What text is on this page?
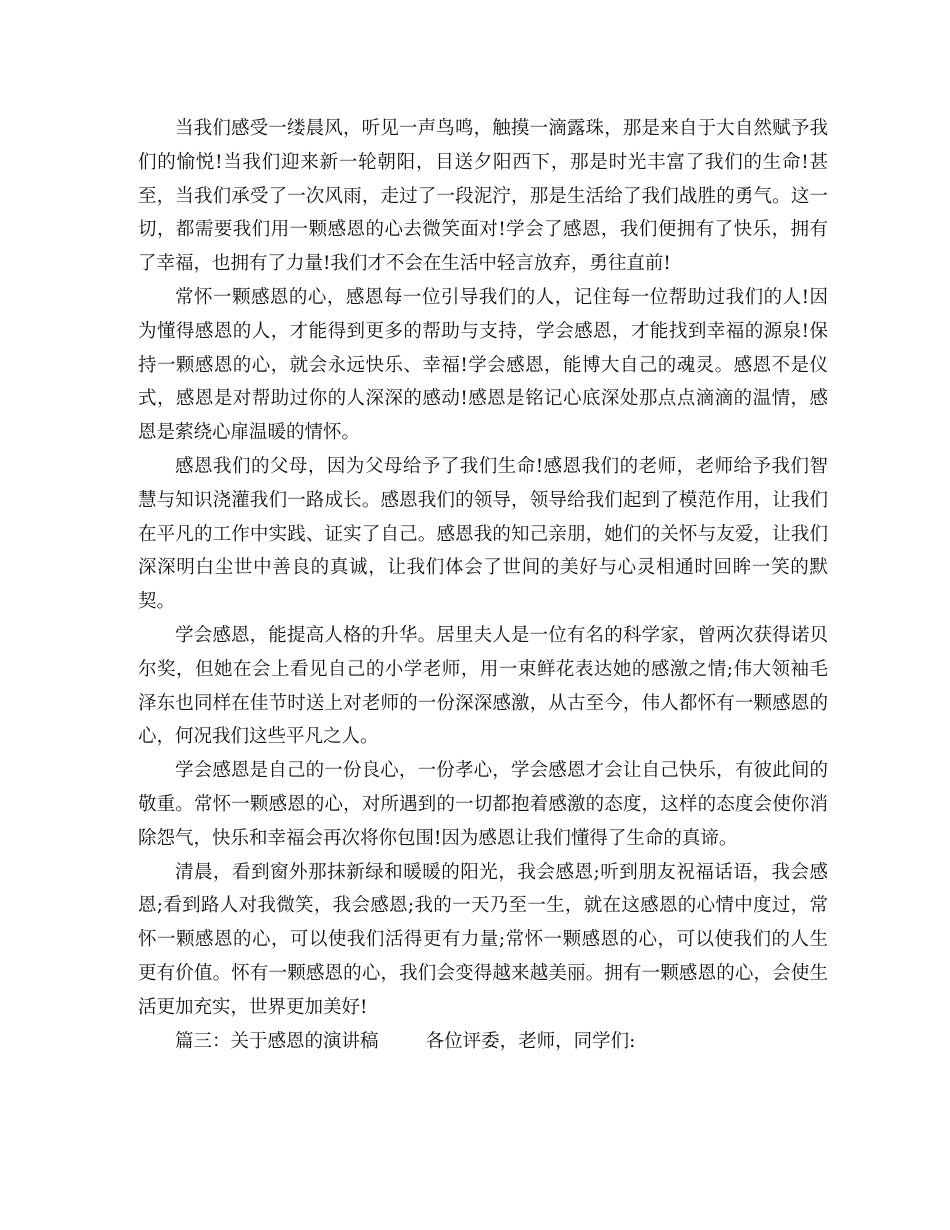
当我们感受一缕晨风，听见一声鸟鸣，触摸一滴露珠，那是来自于大自然赋予我们的愉悦!当我们迎来新一轮朝阳，目送夕阳西下，那是时光丰富了我们的生命!甚至，当我们承受了一次风雨，走过了一段泥泞，那是生活给了我们战胜的勇气。这一切，都需要我们用一颗感恩的心去微笑面对!学会了感恩，我们便拥有了快乐，拥有了幸福，也拥有了力量!我们才不会在生活中轻言放弃，勇往直前!

常怀一颗感恩的心，感恩每一位引导我们的人，记住每一位帮助过我们的人!因为懂得感恩的人，才能得到更多的帮助与支持，学会感恩，才能找到幸福的源泉!保持一颗感恩的心，就会永远快乐、幸福!学会感恩，能博大自己的魂灵。感恩不是仪式，感恩是对帮助过你的人深深的感动!感恩是铭记心底深处那点点滴滴的温情，感恩是萦绕心扉温暖的情怀。

感恩我们的父母，因为父母给予了我们生命!感恩我们的老师，老师给予我们智慧与知识浇灌我们一路成长。感恩我们的领导，领导给我们起到了模范作用，让我们在平凡的工作中实践、证实了自己。感恩我的知己亲朋，她们的关怀与友爱，让我们深深明白尘世中善良的真诚，让我们体会了世间的美好与心灵相通时回眸一笑的默契。

学会感恩，能提高人格的升华。居里夫人是一位有名的科学家，曾两次获得诺贝尔奖，但她在会上看见自己的小学老师，用一束鲜花表达她的感激之情;伟大领袖毛泽东也同样在佳节时送上对老师的一份深深感激，从古至今，伟人都怀有一颗感恩的心，何况我们这些平凡之人。

学会感恩是自己的一份良心，一份孝心，学会感恩才会让自己快乐，有彼此间的敬重。常怀一颗感恩的心，对所遇到的一切都抱着感激的态度，这样的态度会使你消除怨气，快乐和幸福会再次将你包围!因为感恩让我们懂得了生命的真谛。

清晨，看到窗外那抹新绿和暖暖的阳光，我会感恩;听到朋友祝福话语，我会感恩;看到路人对我微笑，我会感恩;我的一天乃至一生，就在这感恩的心情中度过，常怀一颗感恩的心，可以使我们活得更有力量;常怀一颗感恩的心，可以使我们的人生更有价值。怀有一颗感恩的心，我们会变得越来越美丽。拥有一颗感恩的心，会使生活更加充实，世界更加美好!

篇三：关于感恩的演讲稿	各位评委，老师，同学们:
